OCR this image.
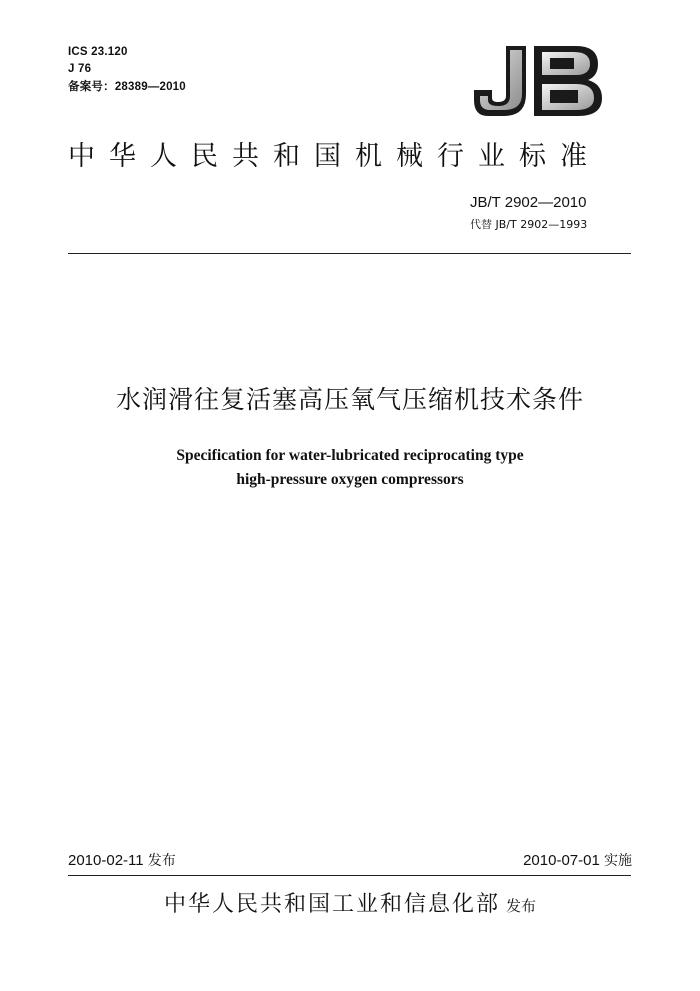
ICS 23.120
J 76
备案号：28389—2010
中华人民共和国机械行业标准
JB/T 2902—2010
代替 JB/T 2902—1993
水润滑往复活塞高压氧气压缩机技术条件
Specification for water-lubricated reciprocating type
high-pressure oxygen compressors
2010-02-11 发布	2010-07-01 实施
中华人民共和国工业和信息化部 发布
